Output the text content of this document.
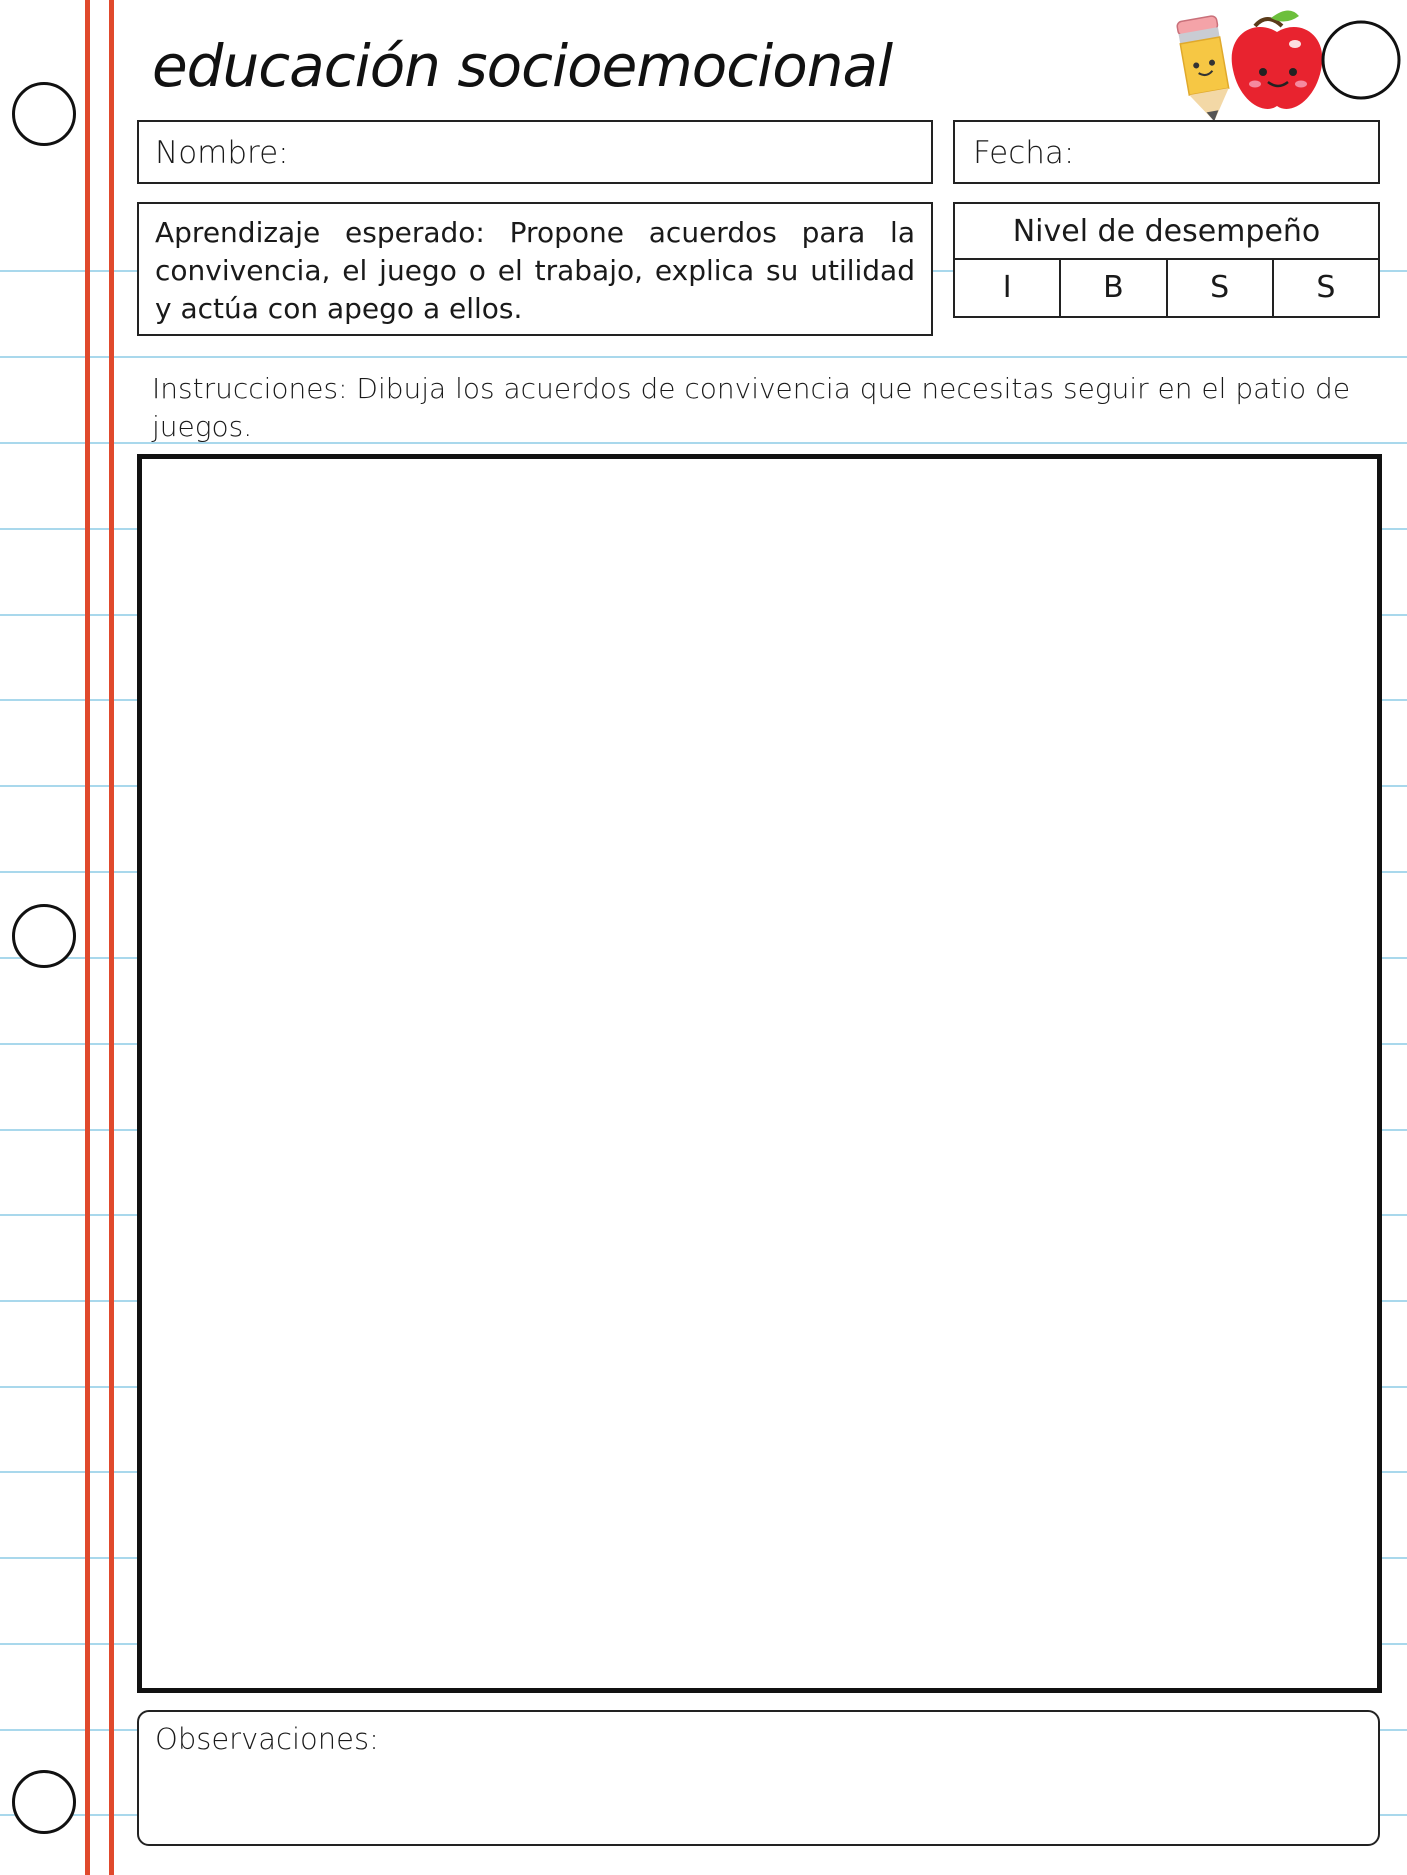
educación socioemocional
Nombre:	Fecha:
Aprendizaje esperado: Propone acuerdos para la convivencia, el juego o el trabajo, explica su utilidad y actúa con apego a ellos.
Nivel de desempeño
I	B	S	S
Instrucciones: Dibuja los acuerdos de convivencia que necesitas seguir en el patio de juegos.
Observaciones:
